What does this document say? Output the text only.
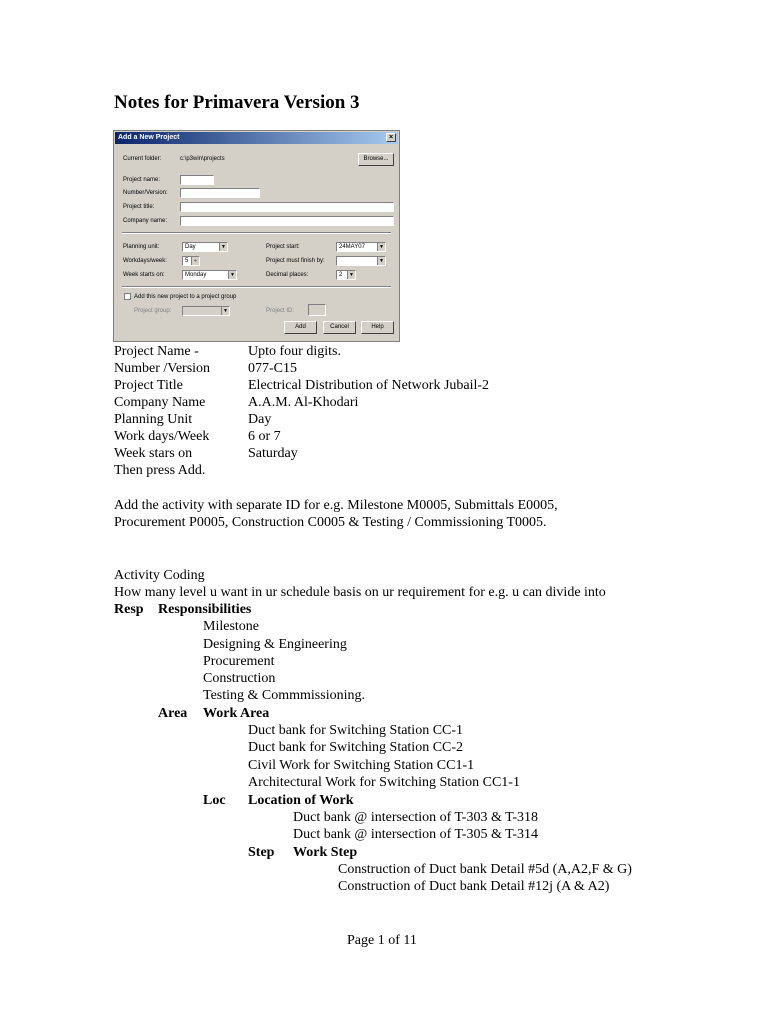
Notes for Primavera Version 3
Add a New Project	×
Current folder:	c:\p3win\projects	Browse...
Project name:
Number/Version:
Project title:
Company name:
Planning unit:	Day	▼
Workdays/week:	5	÷
Week starts on:	Monday	▼
Project start:	24MAY07	▼
Project must finish by:	▼
Decimal places:	2	▼
Add this new project to a project group
Project group:	▼	Project ID:
Add	Cancel	Help
Project Name -	Upto four digits.
Number /Version	077-C15
Project Title	Electrical Distribution of Network Jubail-2
Company Name	A.A.M. Al-Khodari
Planning Unit	Day
Work days/Week	6 or 7
Week stars on	Saturday
Then press Add.
Add the activity with separate ID for e.g. Milestone M0005, Submittals E0005,
Procurement P0005, Construction C0005 & Testing / Commissioning T0005.
Activity Coding
How many level u want in ur schedule basis on ur requirement for e.g. u can divide into
Resp Responsibilities
Milestone
Designing & Engineering
Procurement
Construction
Testing & Commmissioning.
Area Work Area
Duct bank for Switching Station CC-1
Duct bank for Switching Station CC-2
Civil Work for Switching Station CC1-1
Architectural Work for Switching Station CC1-1
Loc Location of Work
Duct bank @ intersection of T-303 & T-318
Duct bank @ intersection of T-305 & T-314
Step Work Step
Construction of Duct bank Detail #5d (A,A2,F & G)
Construction of Duct bank Detail #12j (A & A2)
Page 1 of 11
